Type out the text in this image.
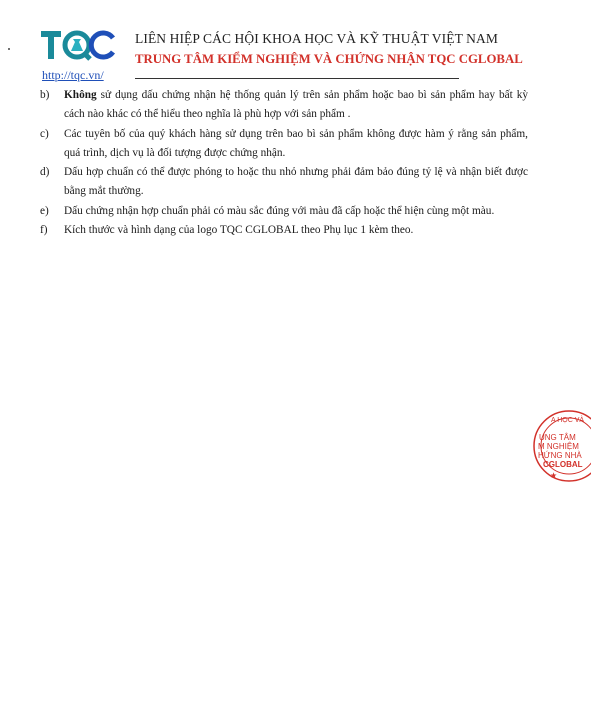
http://tqc.vn/
LIÊN HIỆP CÁC HỘI KHOA HỌC VÀ KỸ THUẬT VIỆT NAM
TRUNG TÂM KIỂM NGHIỆM VÀ CHỨNG NHẬN TQC CGLOBAL
b)	Không sử dụng dấu chứng nhận hệ thống quản lý trên sản phẩm hoặc bao bì sản phẩm hay bất kỳ cách nào khác có thể hiểu theo nghĩa là phù hợp với sản phẩm .
c)	Các tuyên bố của quý khách hàng sử dụng trên bao bì sản phẩm không được hàm ý rằng sản phẩm, quá trình, dịch vụ là đối tượng được chứng nhận.
d)	Dấu hợp chuẩn có thể được phóng to hoặc thu nhỏ nhưng phải đảm bảo đúng tỷ lệ và nhận biết được bằng mắt thường.
e)	Dấu chứng nhận hợp chuẩn phải có màu sắc đúng với màu đã cấp hoặc thể hiện cùng một màu.
f)	Kích thước và hình dạng của logo TQC CGLOBAL theo Phụ lục 1 kèm theo.
A HỌC VÀ
UNG TÂM
M NGHIỆM
HỨNG NHÀ
CGLOBAL
★
